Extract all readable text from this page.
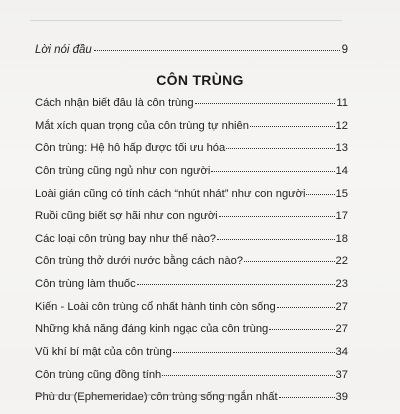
Lời nói đầu	9
CÔN TRÙNG
Cách nhận biết đâu là côn trùng	11
Mắt xích quan trọng của côn trùng tự nhiên	12
Côn trùng: Hệ hô hấp được tối ưu hóa	13
Côn trùng cũng ngủ như con người	14
Loài gián cũng có tính cách “nhút nhát” như con người	15
Ruồi cũng biết sợ hãi như con người	17
Các loại côn trùng bay như thế nào?	18
Côn trùng thở dưới nước bằng cách nào?	22
Côn trùng làm thuốc	23
Kiến - Loài côn trùng cổ nhất hành tinh còn sống	27
Những khả năng đáng kinh ngạc của côn trùng	27
Vũ khí bí mật của côn trùng	34
Côn trùng cũng đồng tính	37
Phù du (Ephemeridae) côn trùng sống ngắn nhất	39
